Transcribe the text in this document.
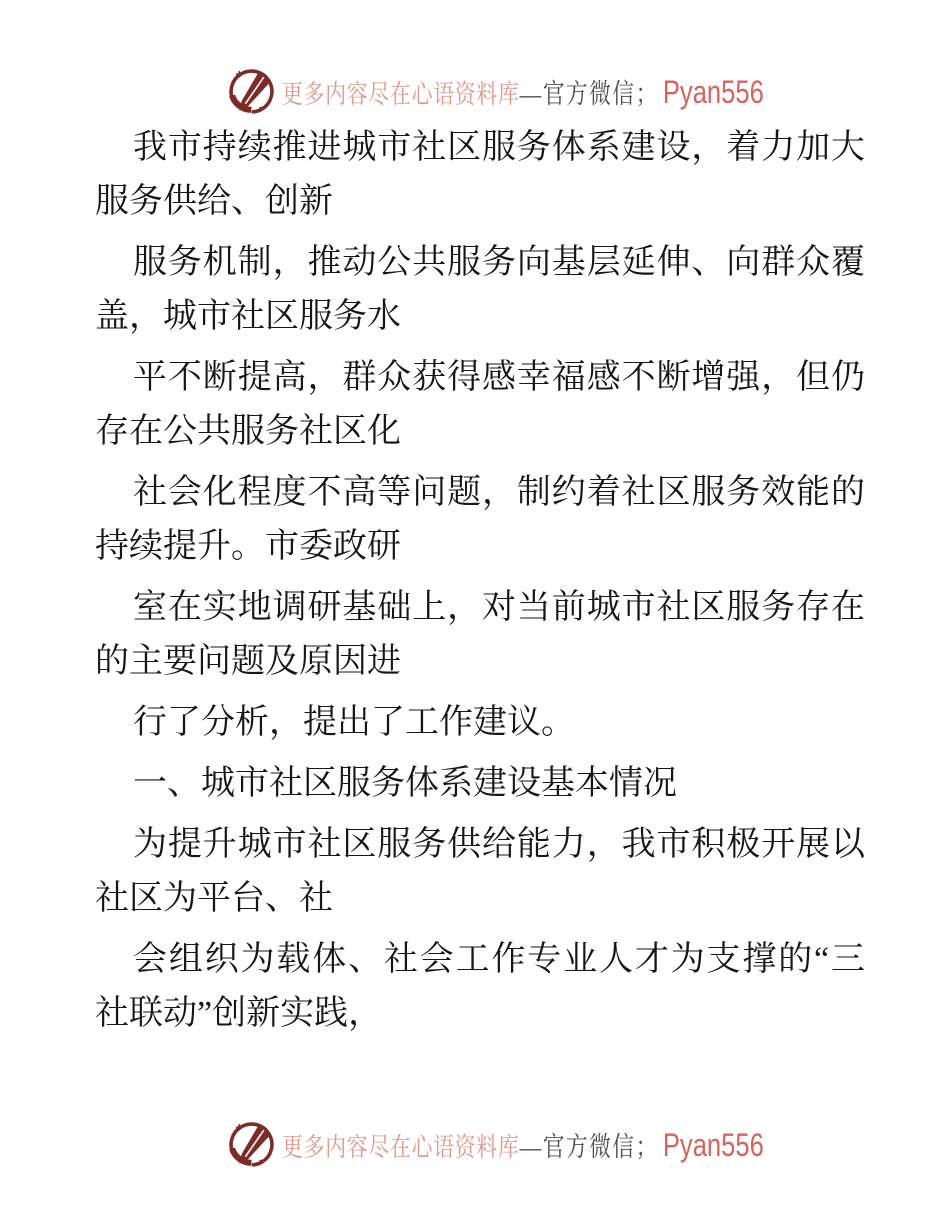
更多内容尽在心语资料库 —官方微信； Pyan556
我市持续推进城市社区服务体系建设，着力加大
服务供给、创新
服务机制，推动公共服务向基层延伸、向群众覆
盖，城市社区服务水
平不断提高，群众获得感幸福感不断增强，但仍
存在公共服务社区化
社会化程度不高等问题，制约着社区服务效能的
持续提升。市委政研
室在实地调研基础上，对当前城市社区服务存在
的主要问题及原因进
行了分析，提出了工作建议。
一、城市社区服务体系建设基本情况
为提升城市社区服务供给能力，我市积极开展以
社区为平台、社
会组织为载体、社会工作专业人才为支撑的“三
社联动”创新实践，
更多内容尽在心语资料库 —官方微信； Pyan556
